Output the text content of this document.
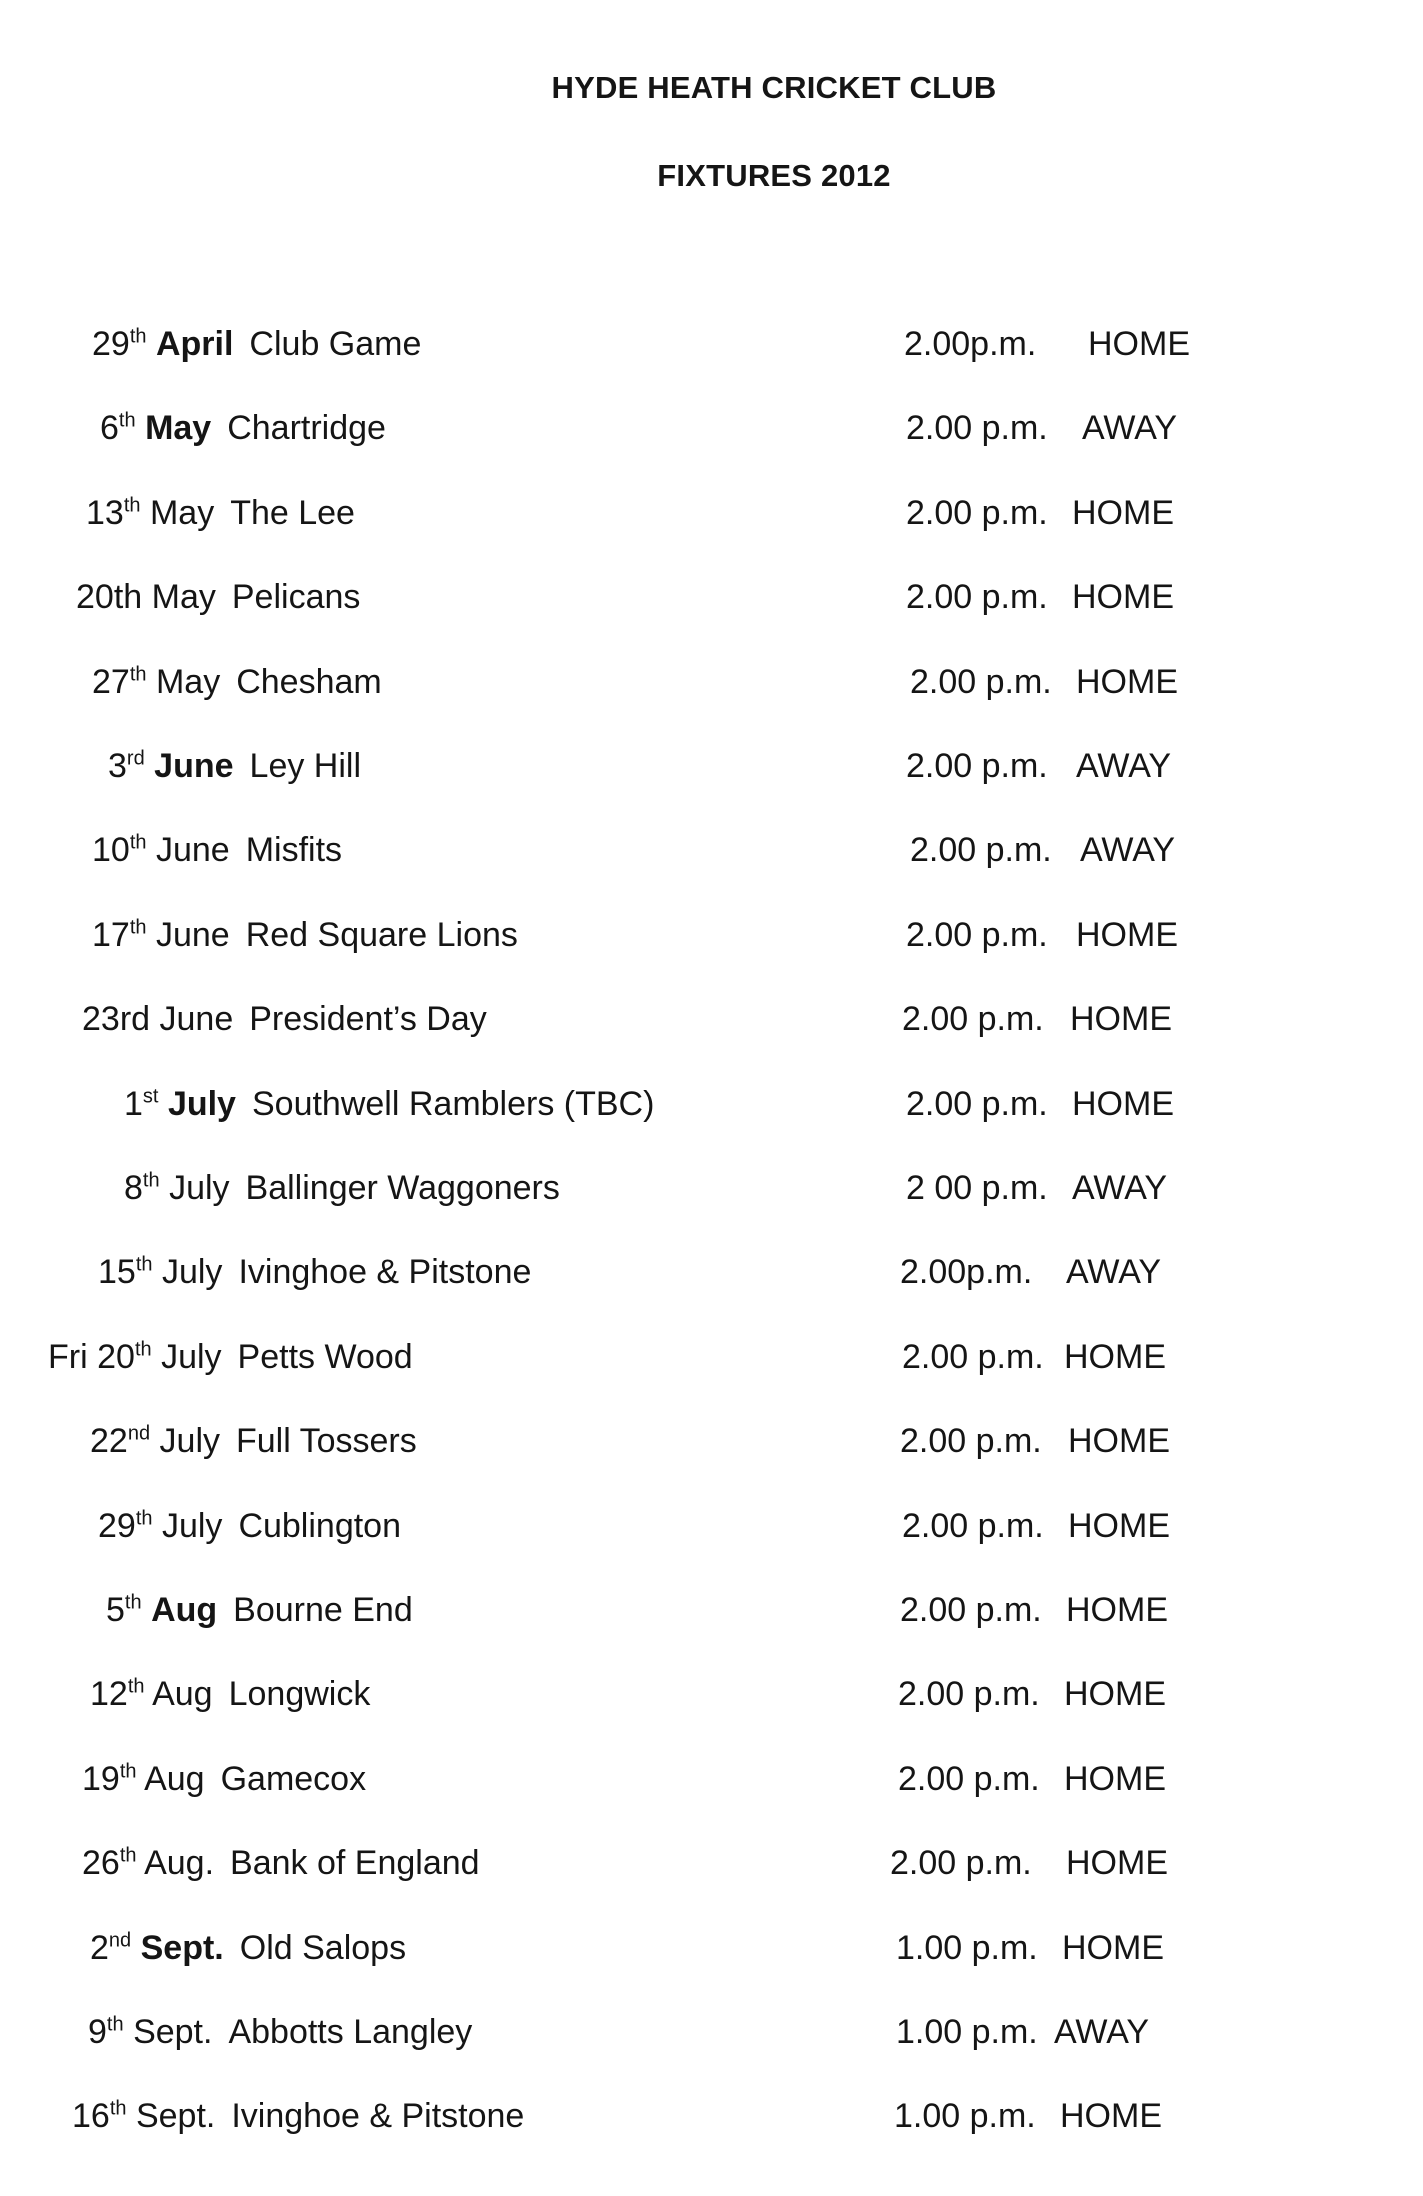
HYDE HEATH CRICKET CLUB
FIXTURES 2012
29th April Club Game	2.00p.m. HOME
6th May Chartridge	2.00 p.m. AWAY
13th May The Lee	2.00 p.m. HOME
20th May Pelicans	2.00 p.m. HOME
27th May Chesham	2.00 p.m. HOME
3rd June Ley Hill	2.00 p.m. AWAY
10th June Misfits	2.00 p.m. AWAY
17th June Red Square Lions	2.00 p.m. HOME
23rd June President’s Day	2.00 p.m. HOME
1st July Southwell Ramblers (TBC)	2.00 p.m. HOME
8th July Ballinger Waggoners	2 00 p.m. AWAY
15th July Ivinghoe & Pitstone	2.00p.m. AWAY
Fri 20th July Petts Wood	2.00 p.m. HOME
22nd July Full Tossers	2.00 p.m. HOME
29th July Cublington	2.00 p.m. HOME
5th Aug Bourne End	2.00 p.m. HOME
12th Aug Longwick	2.00 p.m. HOME
19th Aug Gamecox	2.00 p.m. HOME
26th Aug. Bank of England	2.00 p.m. HOME
2nd Sept. Old Salops	1.00 p.m. HOME
9th Sept. Abbotts Langley	1.00 p.m. AWAY
16th Sept. Ivinghoe & Pitstone	1.00 p.m. HOME
